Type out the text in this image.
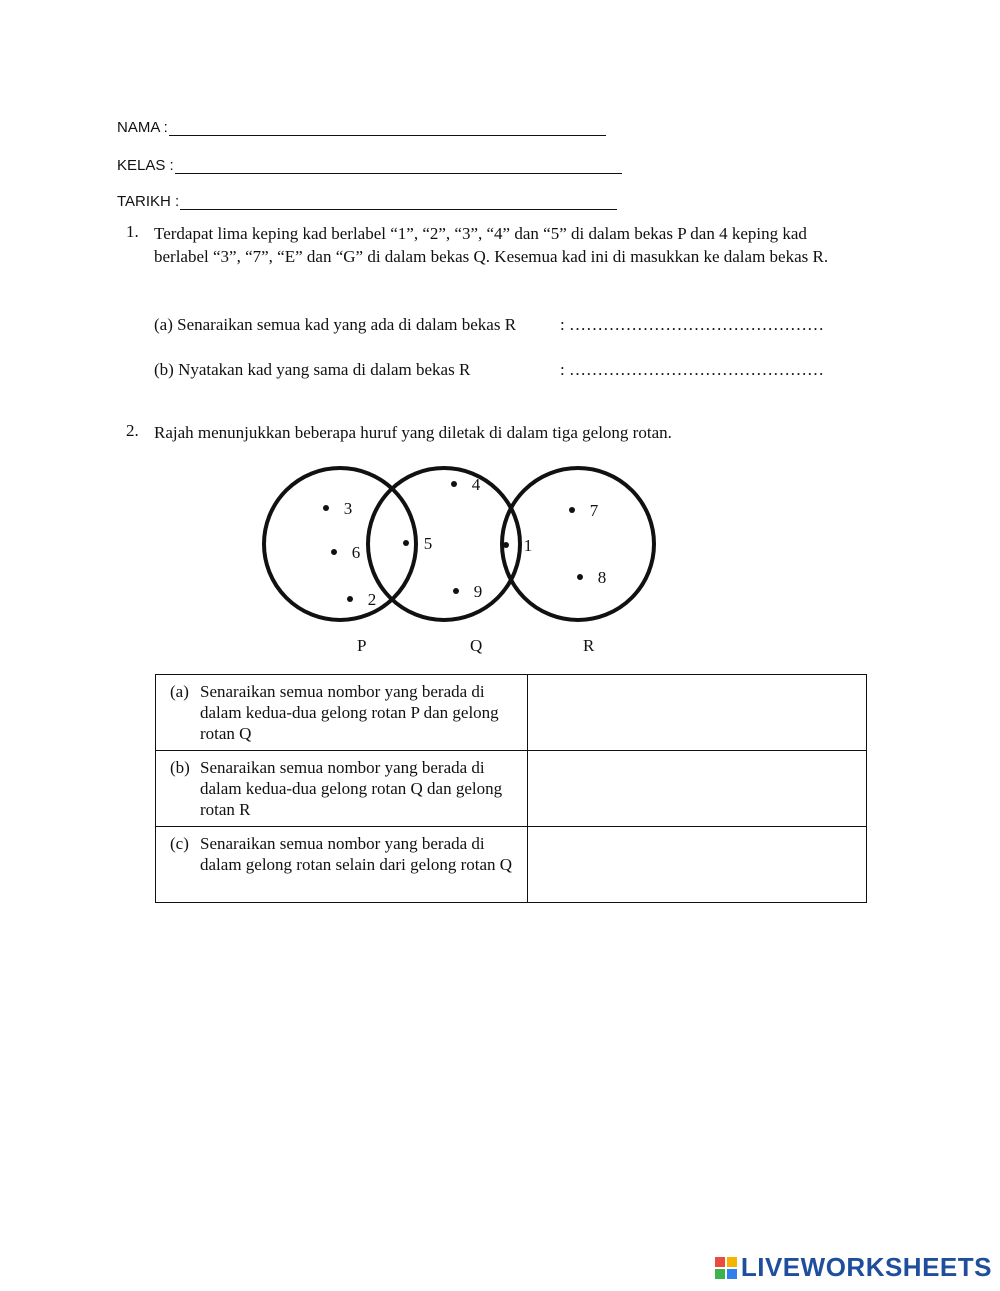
NAMA :
KELAS :
TARIKH :
1. Terdapat lima keping kad berlabel “1”, “2”, “3”, “4” dan “5” di dalam bekas P dan 4 keping kad berlabel “3”, “7”, “E” dan “G” di dalam bekas Q. Kesemua kad ini di masukkan ke dalam bekas R.
(a) Senaraikan semua kad yang ada di dalam bekas R	: ………………………………………
(b) Nyatakan kad yang sama di dalam bekas R	: ………………………………………
2. Rajah menunjukkan beberapa huruf yang diletak di dalam tiga gelong rotan.
3
6
2
5
4
9
1
7
8
P	Q	R
(a) Senaraikan semua nombor yang berada di dalam kedua-dua gelong rotan P dan gelong rotan Q	

(b) Senaraikan semua nombor yang berada di dalam kedua-dua gelong rotan Q dan gelong rotan R	

(c) Senaraikan semua nombor yang berada di dalam gelong rotan selain dari gelong rotan Q	

LIVEWORKSHEETS
